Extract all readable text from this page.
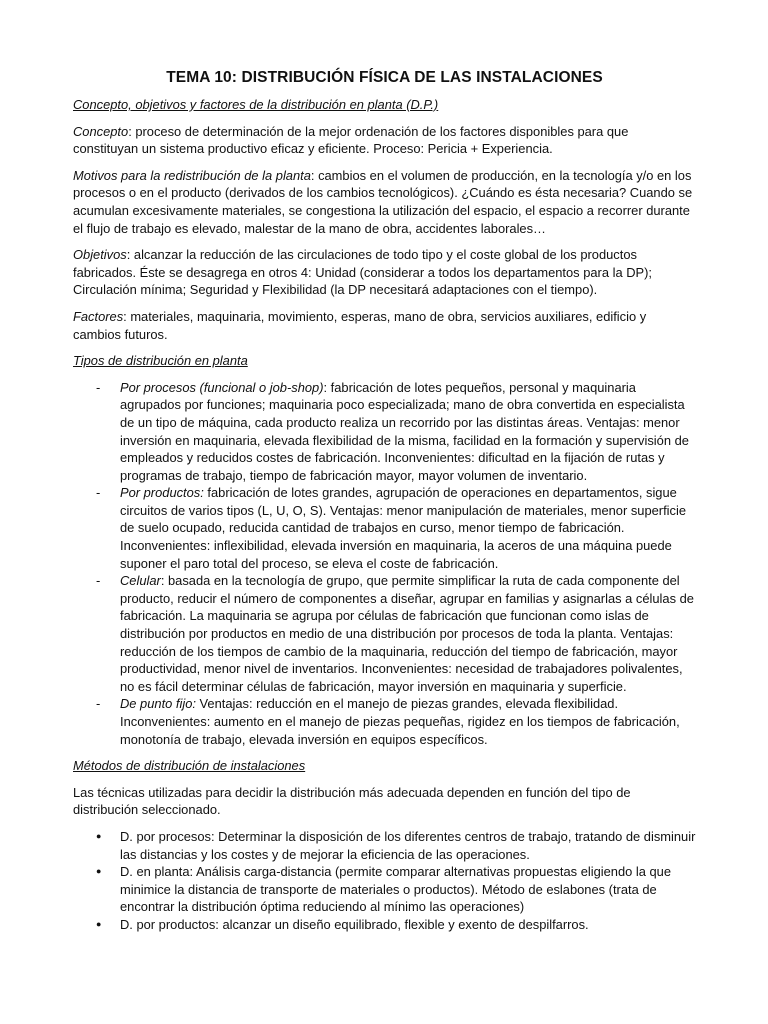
TEMA 10: DISTRIBUCIÓN FÍSICA DE LAS INSTALACIONES
Concepto, objetivos y factores de la distribución en planta (D.P.)

Concepto: proceso de determinación de la mejor ordenación de los factores disponibles para que constituyan un sistema productivo eficaz y eficiente. Proceso: Pericia + Experiencia.

Motivos para la redistribución de la planta: cambios en el volumen de producción, en la tecnología y/o en los procesos o en el producto (derivados de los cambios tecnológicos). ¿Cuándo es ésta necesaria? Cuando se acumulan excesivamente materiales, se congestiona la utilización del espacio, el espacio a recorrer durante el flujo de trabajo es elevado, malestar de la mano de obra, accidentes laborales…

Objetivos: alcanzar la reducción de las circulaciones de todo tipo y el coste global de los productos fabricados. Éste se desagrega en otros 4: Unidad (considerar a todos los departamentos para la DP); Circulación mínima; Seguridad y Flexibilidad (la DP necesitará adaptaciones con el tiempo).

Factores: materiales, maquinaria, movimiento, esperas, mano de obra, servicios auxiliares, edificio y cambios futuros.

Tipos de distribución en planta
- Por procesos (funcional o job-shop): fabricación de lotes pequeños, personal y maquinaria agrupados por funciones; maquinaria poco especializada; mano de obra convertida en especialista de un tipo de máquina, cada producto realiza un recorrido por las distintas áreas. Ventajas: menor inversión en maquinaria, elevada flexibilidad de la misma, facilidad en la formación y supervisión de empleados y reducidos costes de fabricación. Inconvenientes: dificultad en la fijación de rutas y programas de trabajo, tiempo de fabricación mayor, mayor volumen de inventario.
- Por productos: fabricación de lotes grandes, agrupación de operaciones en departamentos, sigue circuitos de varios tipos (L, U, O, S). Ventajas: menor manipulación de materiales, menor superficie de suelo ocupado, reducida cantidad de trabajos en curso, menor tiempo de fabricación. Inconvenientes: inflexibilidad, elevada inversión en maquinaria, la aceros de una máquina puede suponer el paro total del proceso, se eleva el coste de fabricación.
- Celular: basada en la tecnología de grupo, que permite simplificar la ruta de cada componente del producto, reducir el número de componentes a diseñar, agrupar en familias y asignarlas a células de fabricación. La maquinaria se agrupa por células de fabricación que funcionan como islas de distribución por productos en medio de una distribución por procesos de toda la planta. Ventajas: reducción de los tiempos de cambio de la maquinaria, reducción del tiempo de fabricación, mayor productividad, menor nivel de inventarios. Inconvenientes: necesidad de trabajadores polivalentes, no es fácil determinar células de fabricación, mayor inversión en maquinaria y superficie.
- De punto fijo: Ventajas: reducción en el manejo de piezas grandes, elevada flexibilidad. Inconvenientes: aumento en el manejo de piezas pequeñas, rigidez en los tiempos de fabricación, monotonía de trabajo, elevada inversión en equipos específicos.
Métodos de distribución de instalaciones

Las técnicas utilizadas para decidir la distribución más adecuada dependen en función del tipo de distribución seleccionado.

● D. por procesos: Determinar la disposición de los diferentes centros de trabajo, tratando de disminuir las distancias y los costes y de mejorar la eficiencia de las operaciones.
● D. en planta: Análisis carga-distancia (permite comparar alternativas propuestas eligiendo la que minimice la distancia de transporte de materiales o productos). Método de eslabones (trata de encontrar la distribución óptima reduciendo al mínimo las operaciones)
● D. por productos: alcanzar un diseño equilibrado, flexible y exento de despilfarros.
